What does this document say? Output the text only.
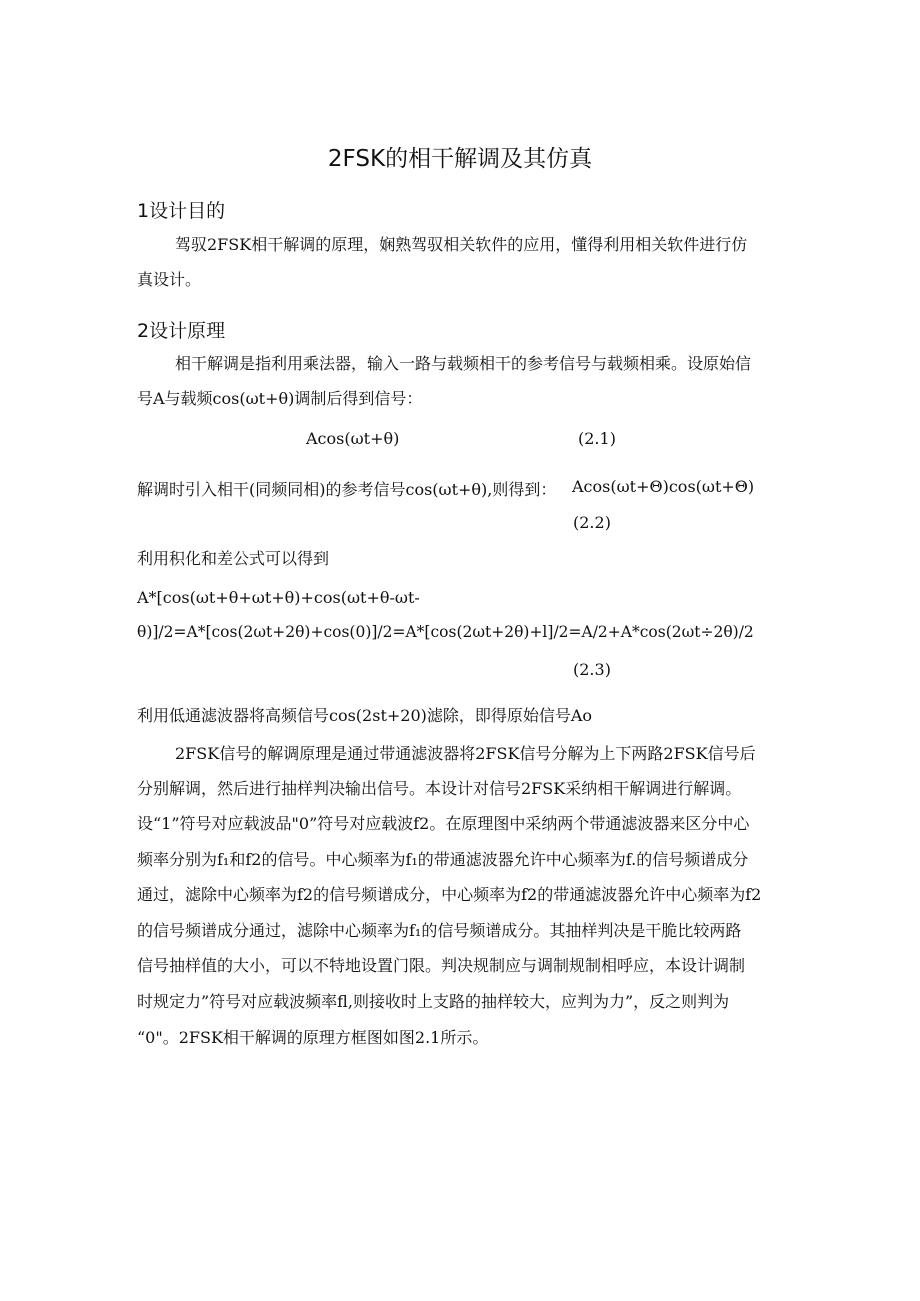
2FSK的相干解调及其仿真
1设计目的
驾驭2FSK相干解调的原理，娴熟驾驭相关软件的应用，懂得利用相关软件进行仿
真设计。
2设计原理
相干解调是指利用乘法器，输入一路与载频相干的参考信号与载频相乘。设原始信
号A与载频cos(ωt+θ)调制后得到信号：
Acos(ωt+θ)	(2.1)
解调时引入相干(同频同相)的参考信号cos(ωt+θ),则得到： Acos(ωt+Θ)cos(ωt+Θ)
(2.2)
利用积化和差公式可以得到
A*[cos(ωt+θ+ωt+θ)+cos(ωt+θ-ωt-
θ)]/2=A*[cos(2ωt+2θ)+cos(0)]/2=A*[cos(2ωt+2θ)+l]/2=A/2+A*cos(2ωt÷2θ)/2
(2.3)
利用低通滤波器将高频信号cos(2st+20)滤除，即得原始信号Ao
2FSK信号的解调原理是通过带通滤波器将2FSK信号分解为上下两路2FSK信号后
分别解调，然后进行抽样判决输出信号。本设计对信号2FSK采纳相干解调进行解调。
设“1”符号对应载波品"0”符号对应载波f2。在原理图中采纳两个带通滤波器来区分中心
频率分别为f₁和f2的信号。中心频率为f₁的带通滤波器允许中心频率为f.的信号频谱成分
通过，滤除中心频率为f2的信号频谱成分，中心频率为f2的带通滤波器允许中心频率为f2
的信号频谱成分通过，滤除中心频率为f₁的信号频谱成分。其抽样判决是干脆比较两路
信号抽样值的大小，可以不特地设置门限。判决规制应与调制规制相呼应，本设计调制
时规定力”符号对应载波频率fl,则接收时上支路的抽样较大，应判为力”，反之则判为
“0"。2FSK相干解调的原理方框图如图2.1所示。
